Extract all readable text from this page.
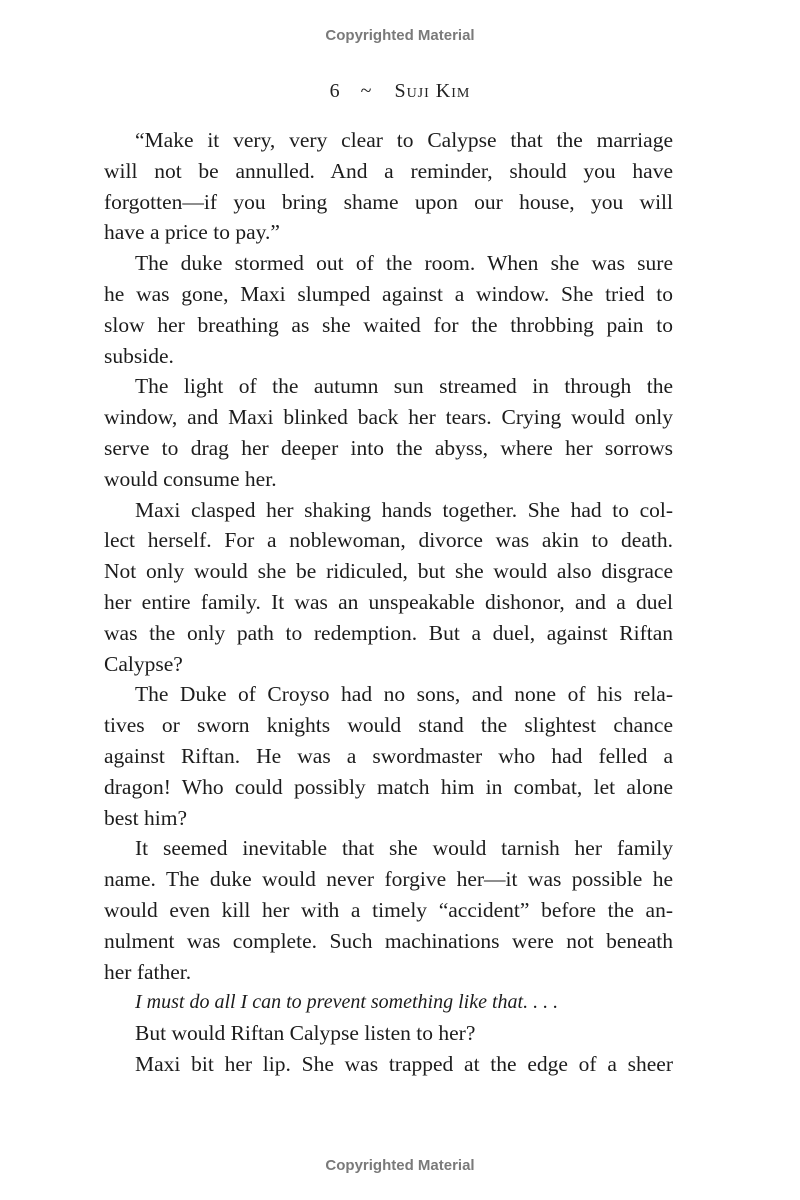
Copyrighted Material
6 ~ Suji Kim
“Make it very, very clear to Calypse that the marriage
will not be annulled. And a reminder, should you have
forgotten—if you bring shame upon our house, you will
have a price to pay.”
The duke stormed out of the room. When she was sure
he was gone, Maxi slumped against a window. She tried to
slow her breathing as she waited for the throbbing pain to
subside.
The light of the autumn sun streamed in through the
window, and Maxi blinked back her tears. Crying would only
serve to drag her deeper into the abyss, where her sorrows
would consume her.
Maxi clasped her shaking hands together. She had to col-
lect herself. For a noblewoman, divorce was akin to death.
Not only would she be ridiculed, but she would also disgrace
her entire family. It was an unspeakable dishonor, and a duel
was the only path to redemption. But a duel, against Riftan
Calypse?
The Duke of Croyso had no sons, and none of his rela-
tives or sworn knights would stand the slightest chance
against Riftan. He was a swordmaster who had felled a
dragon! Who could possibly match him in combat, let alone
best him?
It seemed inevitable that she would tarnish her family
name. The duke would never forgive her—it was possible he
would even kill her with a timely “accident” before the an-
nulment was complete. Such machinations were not beneath
her father.
I must do all I can to prevent something like that. . . .
But would Riftan Calypse listen to her?
Maxi bit her lip. She was trapped at the edge of a sheer
Copyrighted Material
